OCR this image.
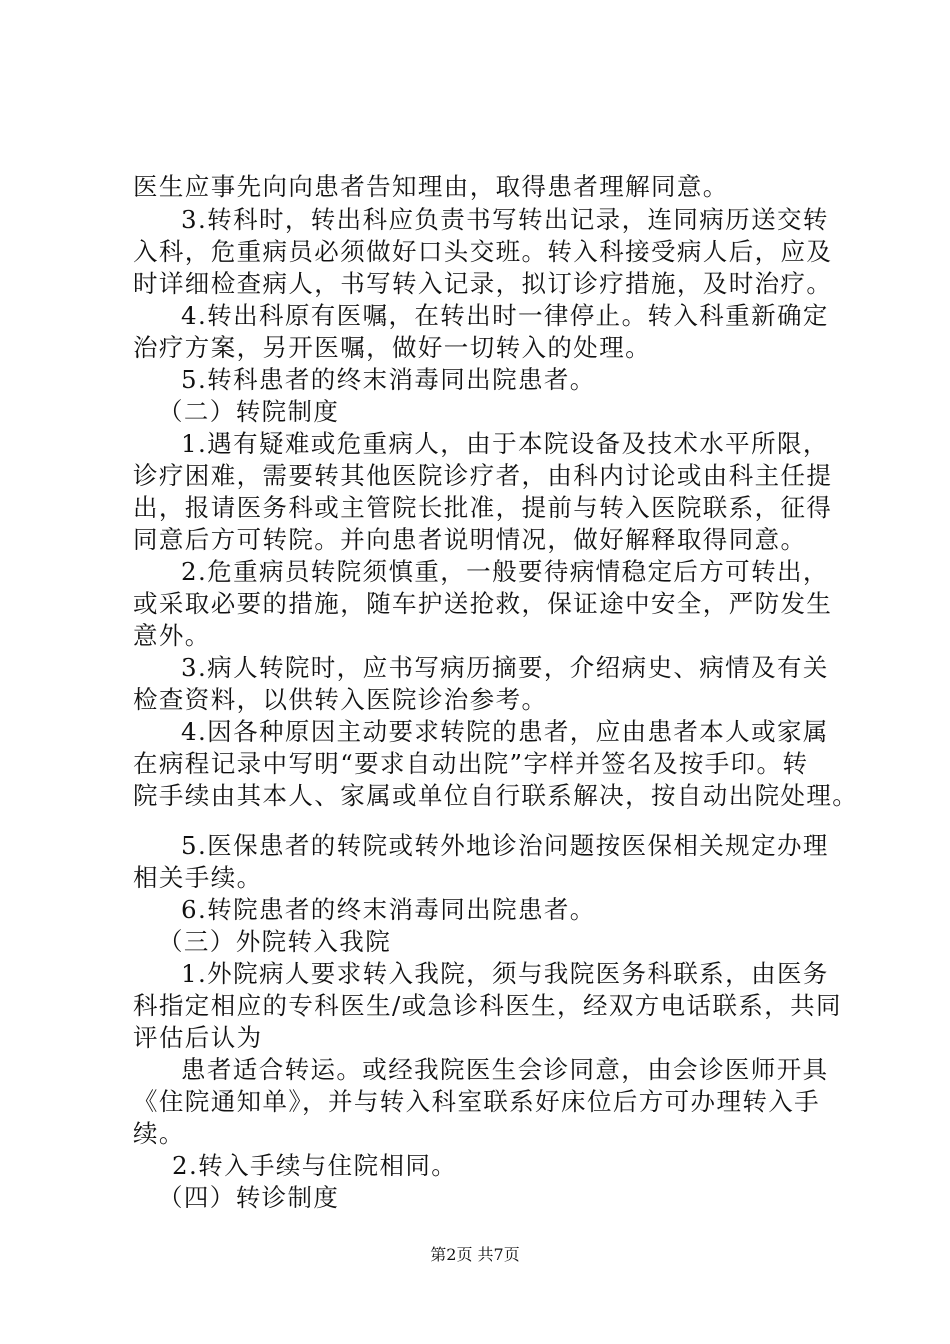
医生应事先向向患者告知理由，取得患者理解同意。
3.转科时，转出科应负责书写转出记录，连同病历送交转
入科，危重病员必须做好口头交班。转入科接受病人后，应及
时详细检查病人，书写转入记录，拟订诊疗措施，及时治疗。
4.转出科原有医嘱，在转出时一律停止。转入科重新确定
治疗方案，另开医嘱，做好一切转入的处理。
5.转科患者的终末消毒同出院患者。
（二）转院制度
1.遇有疑难或危重病人，由于本院设备及技术水平所限，
诊疗困难，需要转其他医院诊疗者，由科内讨论或由科主任提
出，报请医务科或主管院长批准，提前与转入医院联系，征得
同意后方可转院。并向患者说明情况，做好解释取得同意。
2.危重病员转院须慎重，一般要待病情稳定后方可转出，
或采取必要的措施，随车护送抢救，保证途中安全，严防发生
意外。
3.病人转院时，应书写病历摘要，介绍病史、病情及有关
检查资料，以供转入医院诊治参考。
4.因各种原因主动要求转院的患者，应由患者本人或家属
在病程记录中写明“要求自动出院”字样并签名及按手印。转
院手续由其本人、家属或单位自行联系解决，按自动出院处理。
5.医保患者的转院或转外地诊治问题按医保相关规定办理
相关手续。
6.转院患者的终末消毒同出院患者。
（三）外院转入我院
1.外院病人要求转入我院，须与我院医务科联系，由医务
科指定相应的专科医生/或急诊科医生，经双方电话联系，共同
评估后认为
患者适合转运。或经我院医生会诊同意，由会诊医师开具
《住院通知单》，并与转入科室联系好床位后方可办理转入手
续。
2.转入手续与住院相同。
（四）转诊制度
第2页 共7页
